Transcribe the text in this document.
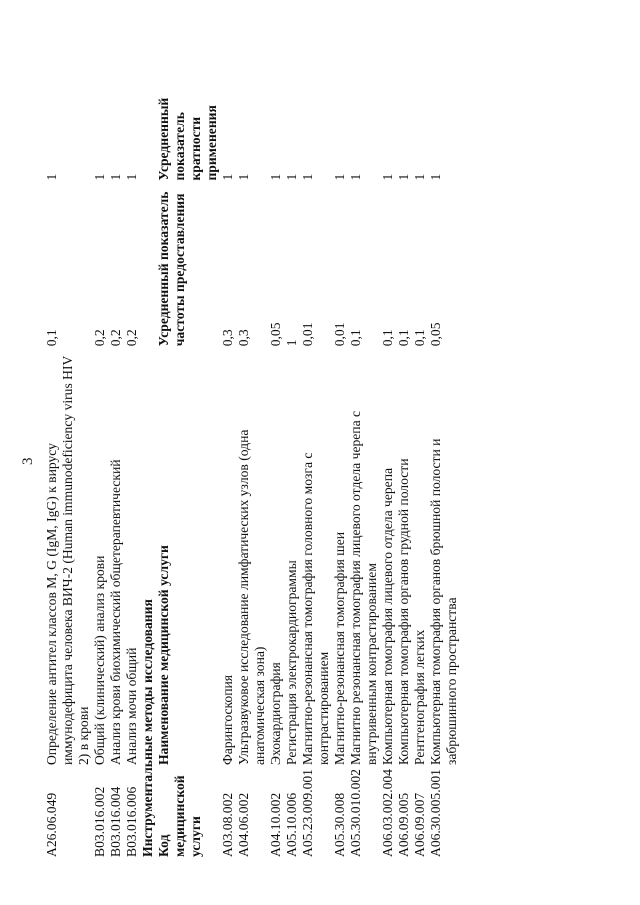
3
A26.06.049	Определение антител классов M, G (IgM, IgG) к вирусу иммунодефицита человека ВИЧ-2 (Human immunodeficiency virus HIV 2) в крови	0,1	1
B03.016.002	Общий (клинический) анализ крови	0,2	1
B03.016.004	Анализ крови биохимический общетерапевтический	0,2	1
B03.016.006	Анализ мочи общий	0,2	1
Инструментальные методы исследования			
Код медицинской услуги	Наименование медицинской услуги	Усредненный показатель частоты предоставления	Усредненный показатель кратности применения
A03.08.002	Фарингоскопия	0,3	1
A04.06.002	Ультразвуковое исследование лимфатических узлов (одна анатомическая зона)	0,3	1
A04.10.002	Эхокардиография	0,05	1
A05.10.006	Регистрация электрокардиограммы	1	1
A05.23.009.001	Магнитно-резонансная томография головного мозга с контрастированием	0,01	1
A05.30.008	Магнитно-резонансная томография шеи	0,01	1
A05.30.010.002	Магнитно резонансная томография лицевого отдела черепа с внутривенным контрастированием	0,1	1
A06.03.002.004	Компьютерная томография лицевого отдела черепа	0,1	1
A06.09.005	Компьютерная томография органов грудной полости	0,1	1
A06.09.007	Рентгенография легких	0,1	1
A06.30.005.001	Компьютерная томография органов брюшной полости и забрюшинного пространства	0,05	1
